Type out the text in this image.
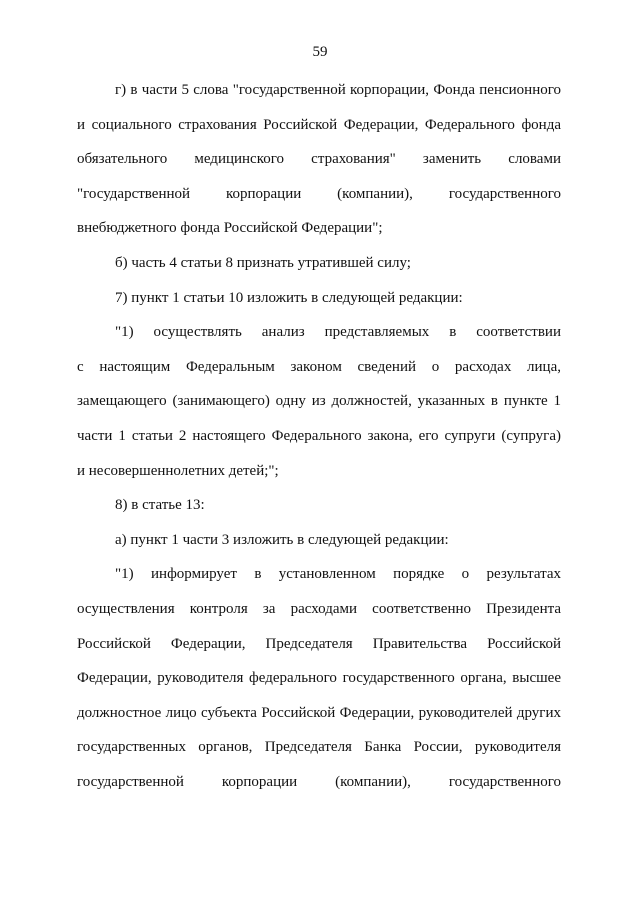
59
г) в части 5 слова "государственной корпорации, Фонда пенсионного
и социального страхования Российской Федерации, Федерального фонда
обязательного медицинского страхования" заменить словами
"государственной корпорации (компании), государственного
внебюджетного фонда Российской Федерации";
б) часть 4 статьи 8 признать утратившей силу;
7) пункт 1 статьи 10 изложить в следующей редакции:
"1) осуществлять анализ представляемых в соответствии
с настоящим Федеральным законом сведений о расходах лица,
замещающего (занимающего) одну из должностей, указанных в пункте 1
части 1 статьи 2 настоящего Федерального закона, его супруги (супруга)
и несовершеннолетних детей;";
8) в статье 13:
а) пункт 1 части 3 изложить в следующей редакции:
"1) информирует в установленном порядке о результатах
осуществления контроля за расходами соответственно Президента
Российской Федерации, Председателя Правительства Российской
Федерации, руководителя федерального государственного органа, высшее
должностное лицо субъекта Российской Федерации, руководителей других
государственных органов, Председателя Банка России, руководителя
государственной корпорации (компании), государственного
